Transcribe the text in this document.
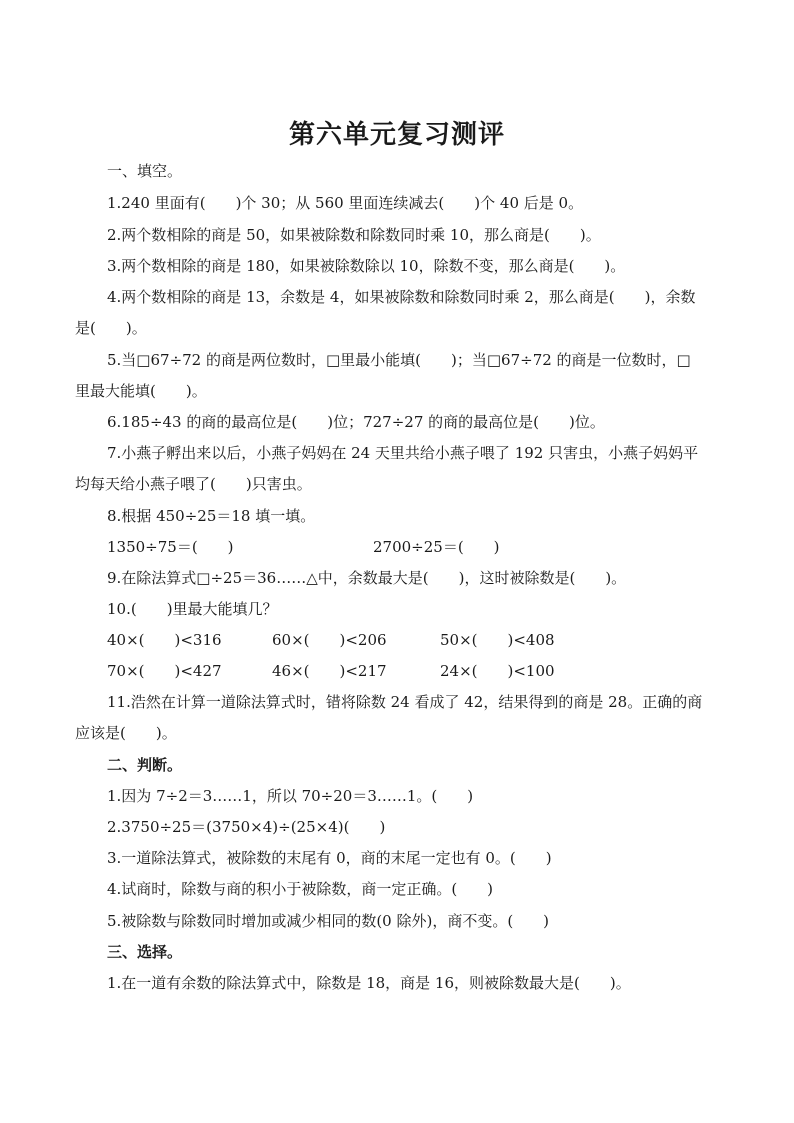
第六单元复习测评
一、填空。
1.240 里面有(　　)个 30；从 560 里面连续减去(　　)个 40 后是 0。
2.两个数相除的商是 50，如果被除数和除数同时乘 10，那么商是(　　)。
3.两个数相除的商是 180，如果被除数除以 10，除数不变，那么商是(　　)。
4.两个数相除的商是 13，余数是 4，如果被除数和除数同时乘 2，那么商是(　　)，余数
是(　　)。
5.当□67÷72 的商是两位数时，□里最小能填(　　)；当□67÷72 的商是一位数时，□
里最大能填(　　)。
6.185÷43 的商的最高位是(　　)位；727÷27 的商的最高位是(　　)位。
7.小燕子孵出来以后，小燕子妈妈在 24 天里共给小燕子喂了 192 只害虫，小燕子妈妈平
均每天给小燕子喂了(　　)只害虫。
8.根据 450÷25＝18 填一填。
1350÷75＝(　　)	2700÷25＝(　　)
9.在除法算式□÷25＝36……△中，余数最大是(　　)，这时被除数是(　　)。
10.(　　)里最大能填几？
40×(　　)<316	60×(　　)<206	50×(　　)<408
70×(　　)<427	46×(　　)<217	24×(　　)<100
11.浩然在计算一道除法算式时，错将除数 24 看成了 42，结果得到的商是 28。正确的商
应该是(　　)。
二、判断。
1.因为 7÷2＝3……1，所以 70÷20＝3……1。(　　)
2.3750÷25＝(3750×4)÷(25×4)(　　)
3.一道除法算式，被除数的末尾有 0，商的末尾一定也有 0。(　　)
4.试商时，除数与商的积小于被除数，商一定正确。(　　)
5.被除数与除数同时增加或减少相同的数(0 除外)，商不变。(　　)
三、选择。
1.在一道有余数的除法算式中，除数是 18，商是 16，则被除数最大是(　　)。
